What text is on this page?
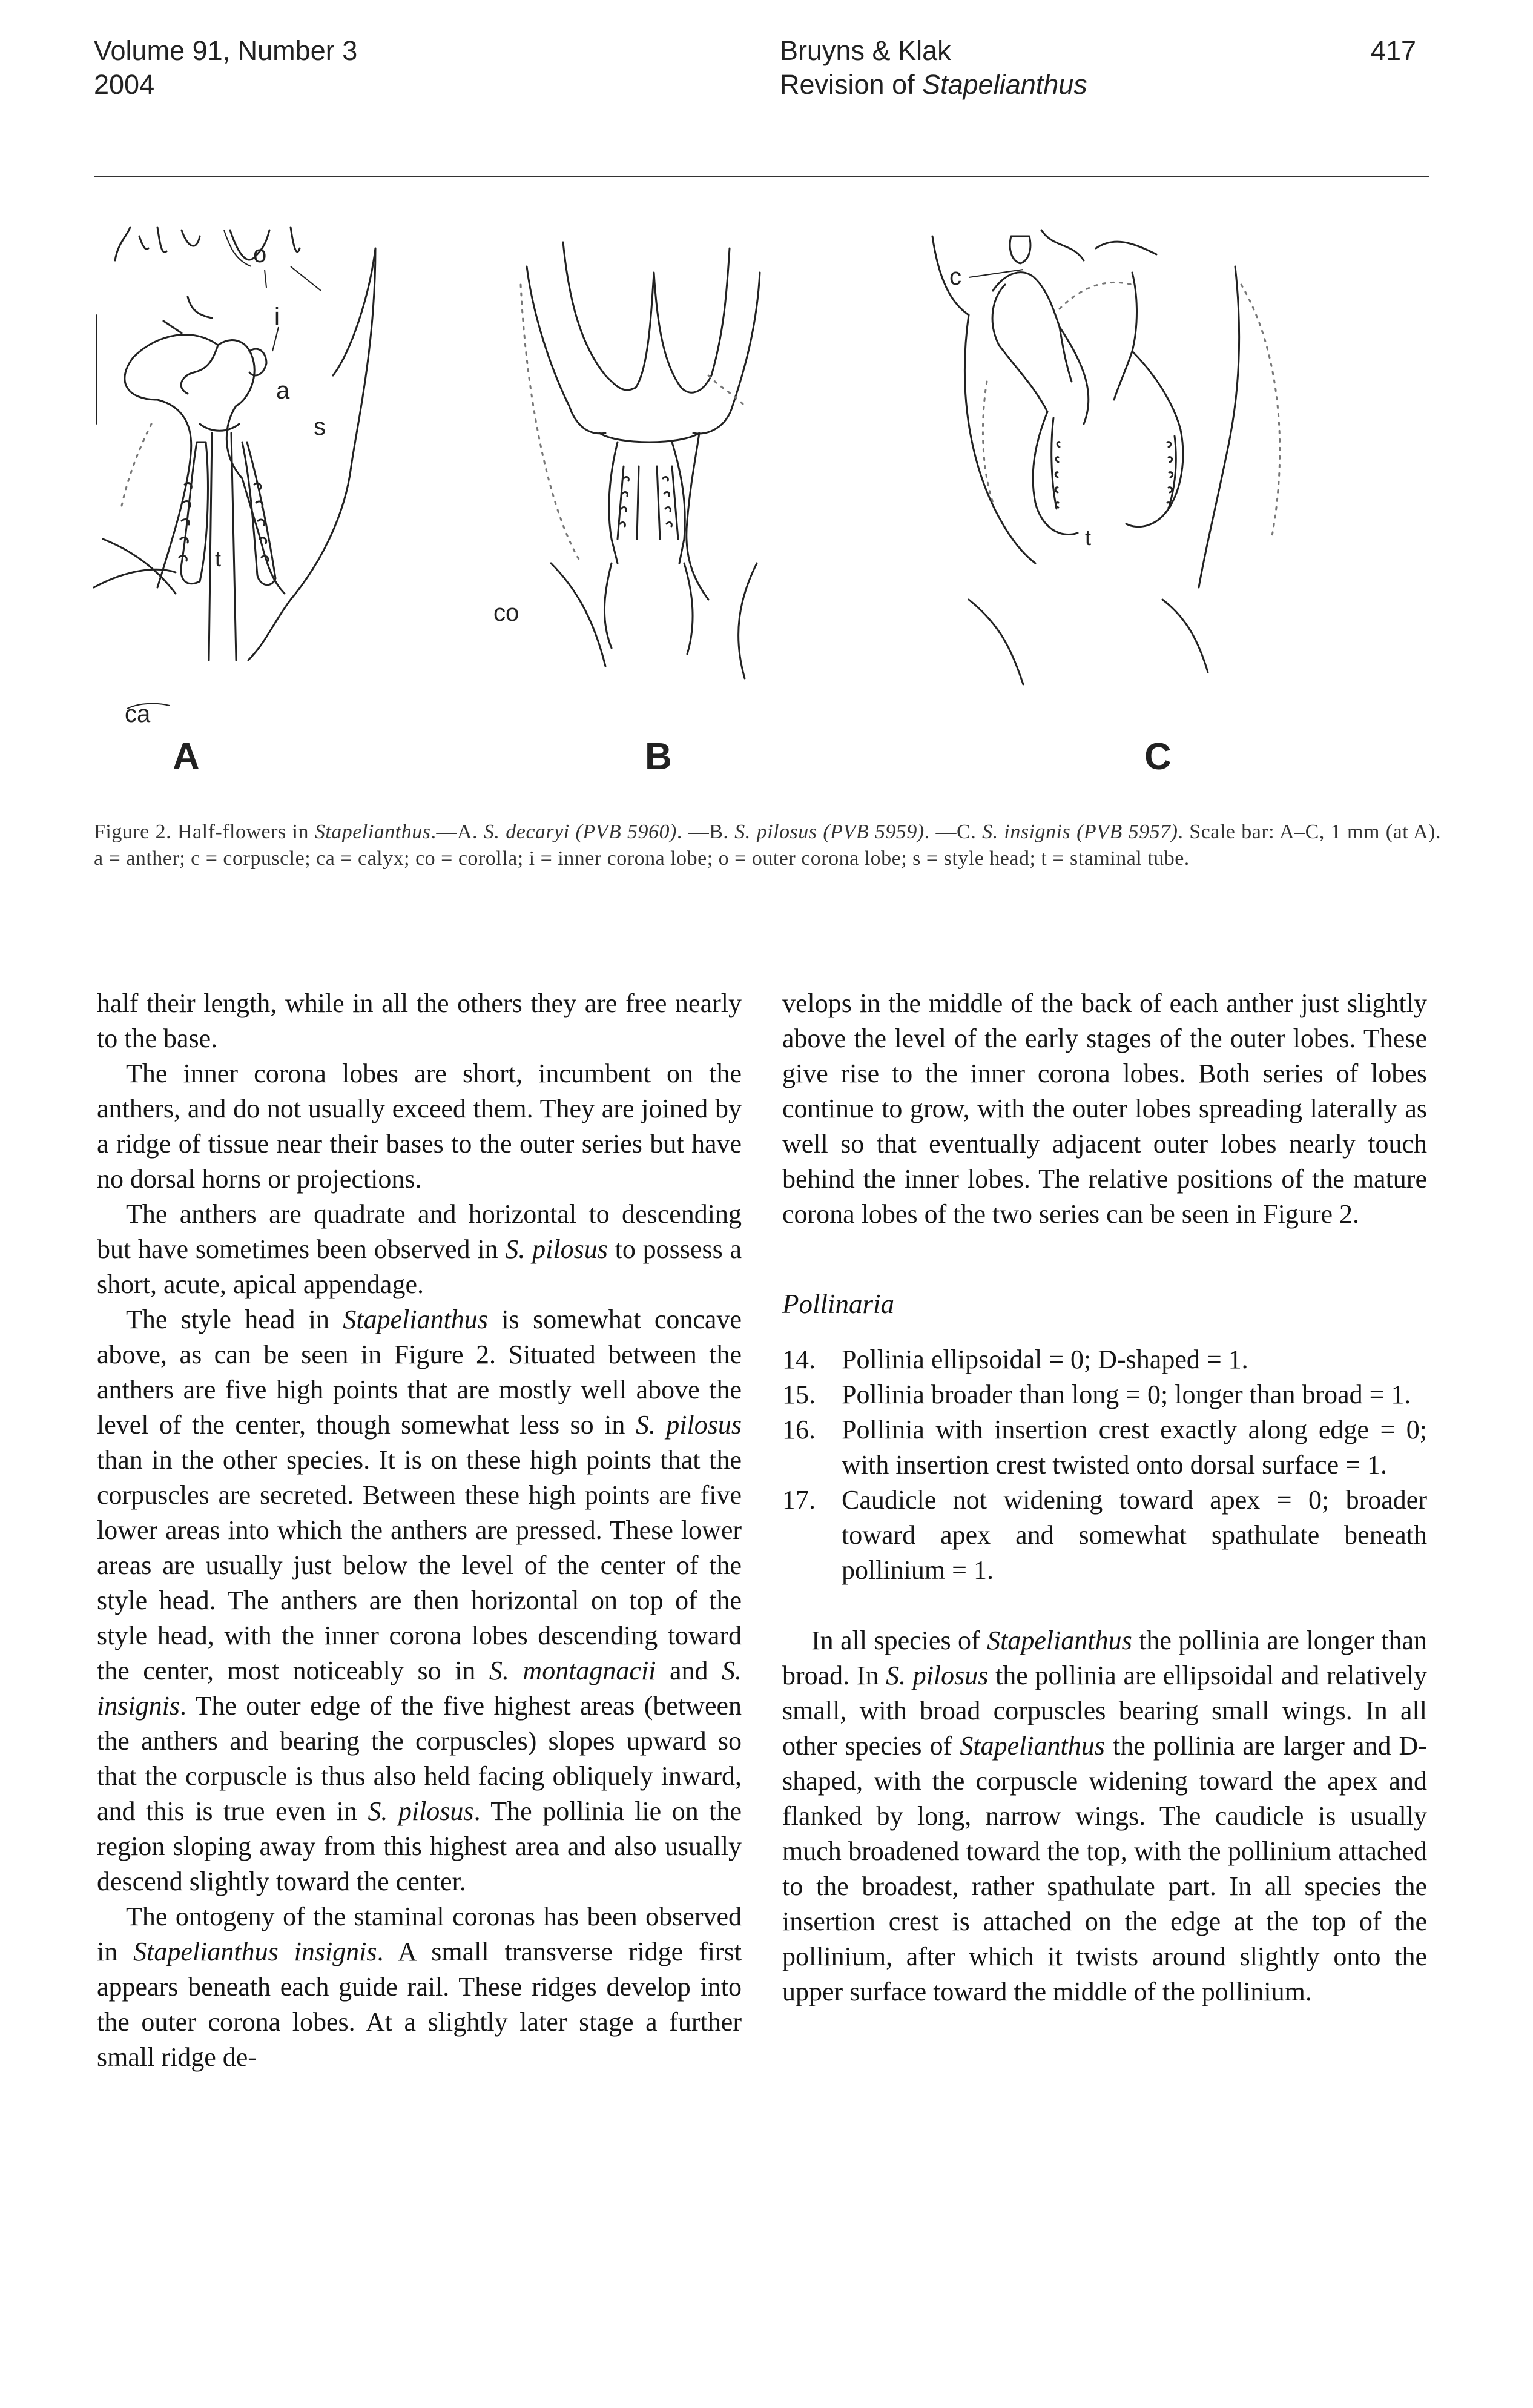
Volume 91, Number 3
2004
Bruyns & Klak
Revision of Stapelianthus
417
A	B	C
o
i
a
s
t
co
ca
c
t
Figure 2. Half-flowers in Stapelianthus.—A. S. decaryi (PVB 5960). —B. S. pilosus (PVB 5959). —C. S. insignis (PVB 5957). Scale bar: A–C, 1 mm (at A). a = anther; c = corpuscle; ca = calyx; co = corolla; i = inner corona lobe; o = outer corona lobe; s = style head; t = staminal tube.

half their length, while in all the others they are free nearly to the base.

The inner corona lobes are short, incumbent on the anthers, and do not usually exceed them. They are joined by a ridge of tissue near their bases to the outer series but have no dorsal horns or projections.

The anthers are quadrate and horizontal to descending but have sometimes been observed in S. pilosus to possess a short, acute, apical appendage.

The style head in Stapelianthus is somewhat concave above, as can be seen in Figure 2. Situated between the anthers are five high points that are mostly well above the level of the center, though somewhat less so in S. pilosus than in the other species. It is on these high points that the corpuscles are secreted. Between these high points are five lower areas into which the anthers are pressed. These lower areas are usually just below the level of the center of the style head. The anthers are then horizontal on top of the style head, with the inner corona lobes descending toward the center, most noticeably so in S. montagnacii and S. insignis. The outer edge of the five highest areas (between the anthers and bearing the corpuscles) slopes upward so that the corpuscle is thus also held facing obliquely inward, and this is true even in S. pilosus. The pollinia lie on the region sloping away from this highest area and also usually descend slightly toward the center.

The ontogeny of the staminal coronas has been observed in Stapelianthus insignis. A small transverse ridge first appears beneath each guide rail. These ridges develop into the outer corona lobes. At a slightly later stage a further small ridge de-

velops in the middle of the back of each anther just slightly above the level of the early stages of the outer lobes. These give rise to the inner corona lobes. Both series of lobes continue to grow, with the outer lobes spreading laterally as well so that eventually adjacent outer lobes nearly touch behind the inner lobes. The relative positions of the mature corona lobes of the two series can be seen in Figure 2.

Pollinaria
14. Pollinia ellipsoidal = 0; D-shaped = 1.
15. Pollinia broader than long = 0; longer than broad = 1.
16. Pollinia with insertion crest exactly along edge = 0; with insertion crest twisted onto dorsal surface = 1.
17. Caudicle not widening toward apex = 0; broader toward apex and somewhat spathulate beneath pollinium = 1.

In all species of Stapelianthus the pollinia are longer than broad. In S. pilosus the pollinia are ellipsoidal and relatively small, with broad corpuscles bearing small wings. In all other species of Stapelianthus the pollinia are larger and D-shaped, with the corpuscle widening toward the apex and flanked by long, narrow wings. The caudicle is usually much broadened toward the top, with the pollinium attached to the broadest, rather spathulate part. In all species the insertion crest is attached on the edge at the top of the pollinium, after which it twists around slightly onto the upper surface toward the middle of the pollinium.
